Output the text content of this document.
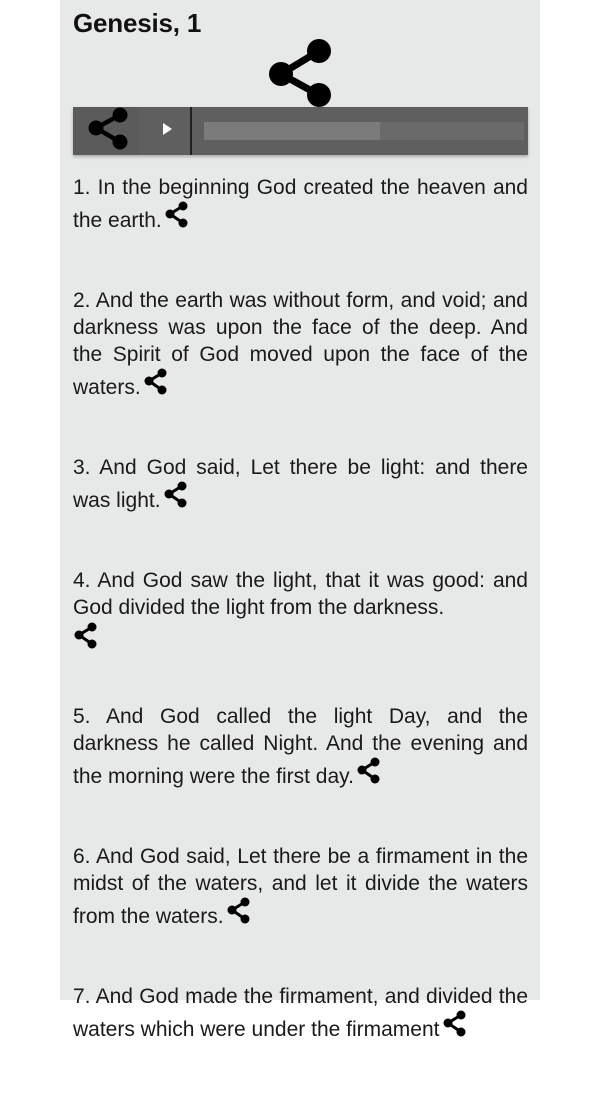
Genesis, 1

1. In the beginning God created the heaven and the earth.

2. And the earth was without form, and void; and darkness was upon the face of the deep. And the Spirit of God moved upon the face of the waters.

3. And God said, Let there be light: and there was light.

4. And God saw the light, that it was good: and God divided the light from the darkness.

5. And God called the light Day, and the darkness he called Night. And the evening and the morning were the first day.

6. And God said, Let there be a firmament in the midst of the waters, and let it divide the waters from the waters.

7. And God made the firmament, and divided the waters which were under the firmament
